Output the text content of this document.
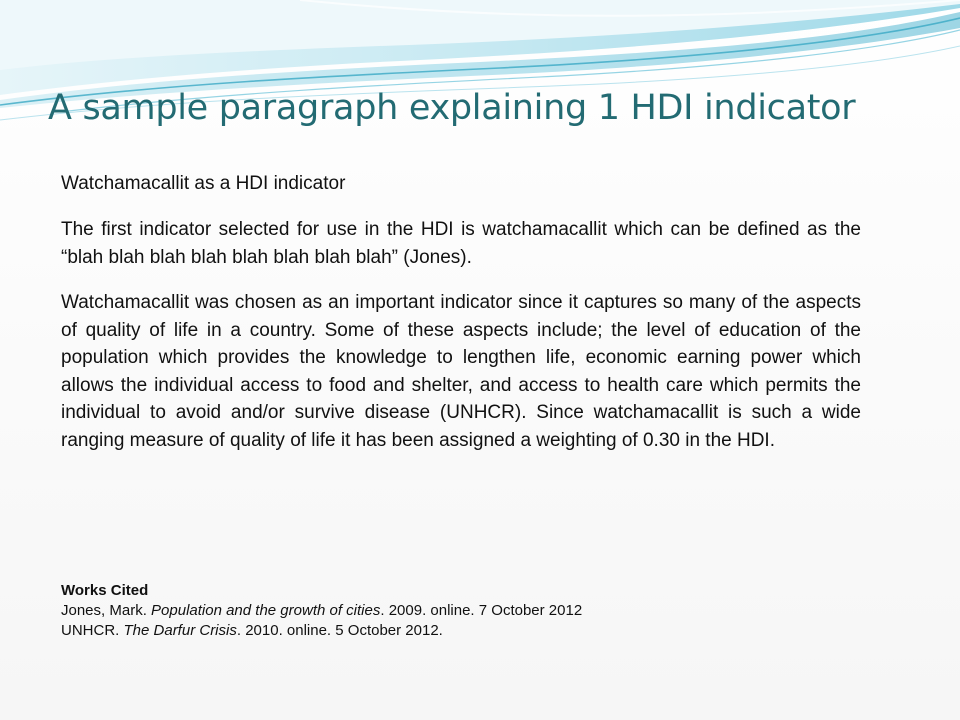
A sample paragraph explaining 1 HDI indicator

Watchamacallit as a HDI indicator

The first indicator selected for use in the HDI is watchamacallit which can be defined as the “blah blah blah blah blah blah blah blah” (Jones).

Watchamacallit was chosen as an important indicator since it captures so many of the aspects of quality of life in a country. Some of these aspects include; the level of education of the population which provides the knowledge to lengthen life, economic earning power which allows the individual access to food and shelter, and access to health care which permits the individual to avoid and/or survive disease (UNHCR). Since watchamacallit is such a wide ranging measure of quality of life it has been assigned a weighting of 0.30 in the HDI.

Works Cited
Jones, Mark. Population and the growth of cities. 2009. online. 7 October 2012
UNHCR. The Darfur Crisis. 2010. online. 5 October 2012.
